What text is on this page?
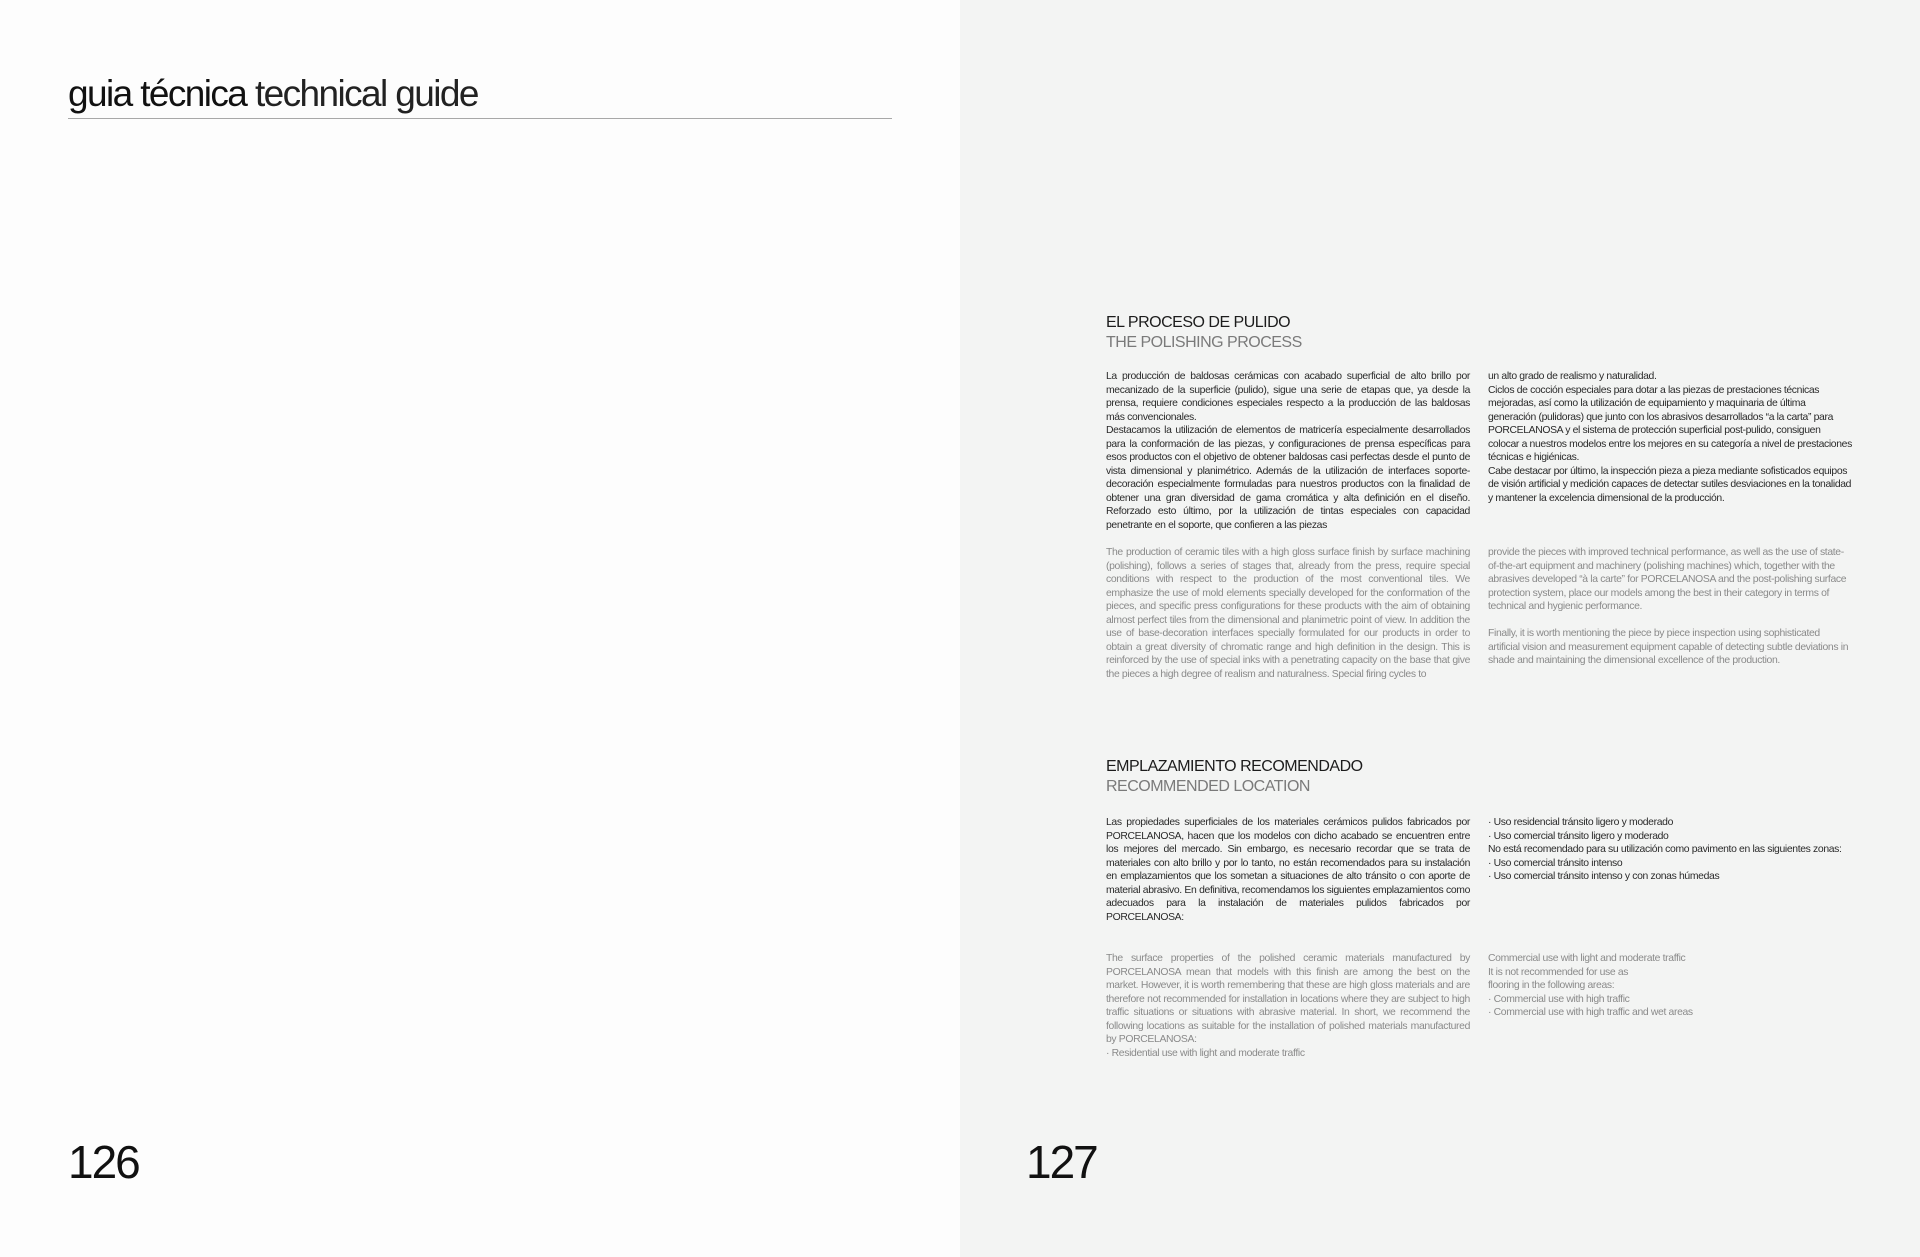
guia técnica technical guide
126
EL PROCESO DE PULIDO
THE POLISHING PROCESS
La producción de baldosas cerámicas con acabado superficial de alto brillo por mecanizado de la superficie (pulido), sigue una serie de etapas que, ya desde la prensa, requiere condiciones especiales respecto a la producción de las baldosas más convencionales.
Destacamos la utilización de elementos de matricería especialmente desarrollados para la conformación de las piezas, y configuraciones de prensa específicas para esos productos con el objetivo de obtener baldosas casi perfectas desde el punto de vista dimensional y planimétrico. Además de la utilización de interfaces soporte-decoración especialmente formuladas para nuestros productos con la finalidad de obtener una gran diversidad de gama cromática y alta definición en el diseño. Reforzado esto último, por la utilización de tintas especiales con capacidad penetrante en el soporte, que confieren a las piezas
un alto grado de realismo y naturalidad.
Ciclos de cocción especiales para dotar a las piezas de prestaciones técnicas mejoradas, así como la utilización de equipamiento y maquinaria de última generación (pulidoras) que junto con los abrasivos desarrollados “a la carta” para PORCELANOSA y el sistema de protección superficial post-pulido, consiguen colocar a nuestros modelos entre los mejores en su categoría a nivel de prestaciones técnicas e higiénicas.
Cabe destacar por último, la inspección pieza a pieza mediante sofisticados equipos de visión artificial y medición capaces de detectar sutiles desviaciones en la tonalidad y mantener la excelencia dimensional de la producción.
The production of ceramic tiles with a high gloss surface finish by surface machining (polishing), follows a series of stages that, already from the press, require special conditions with respect to the production of the most conventional tiles. We emphasize the use of mold elements specially developed for the conformation of the pieces, and specific press configurations for these products with the aim of obtaining almost perfect tiles from the dimensional and planimetric point of view. In addition the use of base-decoration interfaces specially formulated for our products in order to obtain a great diversity of chromatic range and high definition in the design. This is reinforced by the use of special inks with a penetrating capacity on the base that give the pieces a high degree of realism and naturalness. Special firing cycles to
provide the pieces with improved technical performance, as well as the use of state-of-the-art equipment and machinery (polishing machines) which, together with the abrasives developed “à la carte” for PORCELANOSA and the post-polishing surface protection system, place our models among the best in their category in terms of technical and hygienic performance.

Finally, it is worth mentioning the piece by piece inspection using sophisticated artificial vision and measurement equipment capable of detecting subtle deviations in shade and maintaining the dimensional excellence of the production.
EMPLAZAMIENTO RECOMENDADO
RECOMMENDED LOCATION
Las propiedades superficiales de los materiales cerámicos pulidos fabricados por PORCELANOSA, hacen que los modelos con dicho acabado se encuentren entre los mejores del mercado. Sin embargo, es necesario recordar que se trata de materiales con alto brillo y por lo tanto, no están recomendados para su instalación en emplazamientos que los sometan a situaciones de alto tránsito o con aporte de material abrasivo. En definitiva, recomendamos los siguientes emplazamientos como adecuados para la instalación de materiales pulidos fabricados por PORCELANOSA:
· Uso residencial tránsito ligero y moderado
· Uso comercial tránsito ligero y moderado
No está recomendado para su utilización como pavimento en las siguientes zonas:
· Uso comercial tránsito intenso
· Uso comercial tránsito intenso y con zonas húmedas
The surface properties of the polished ceramic materials manufactured by PORCELANOSA mean that models with this finish are among the best on the market. However, it is worth remembering that these are high gloss materials and are therefore not recommended for installation in locations where they are subject to high traffic situations or situations with abrasive material. In short, we recommend the following locations as suitable for the installation of polished materials manufactured by PORCELANOSA:
· Residential use with light and moderate traffic
Commercial use with light and moderate traffic
It is not recommended for use as
flooring in the following areas:
· Commercial use with high traffic
· Commercial use with high traffic and wet areas
127
